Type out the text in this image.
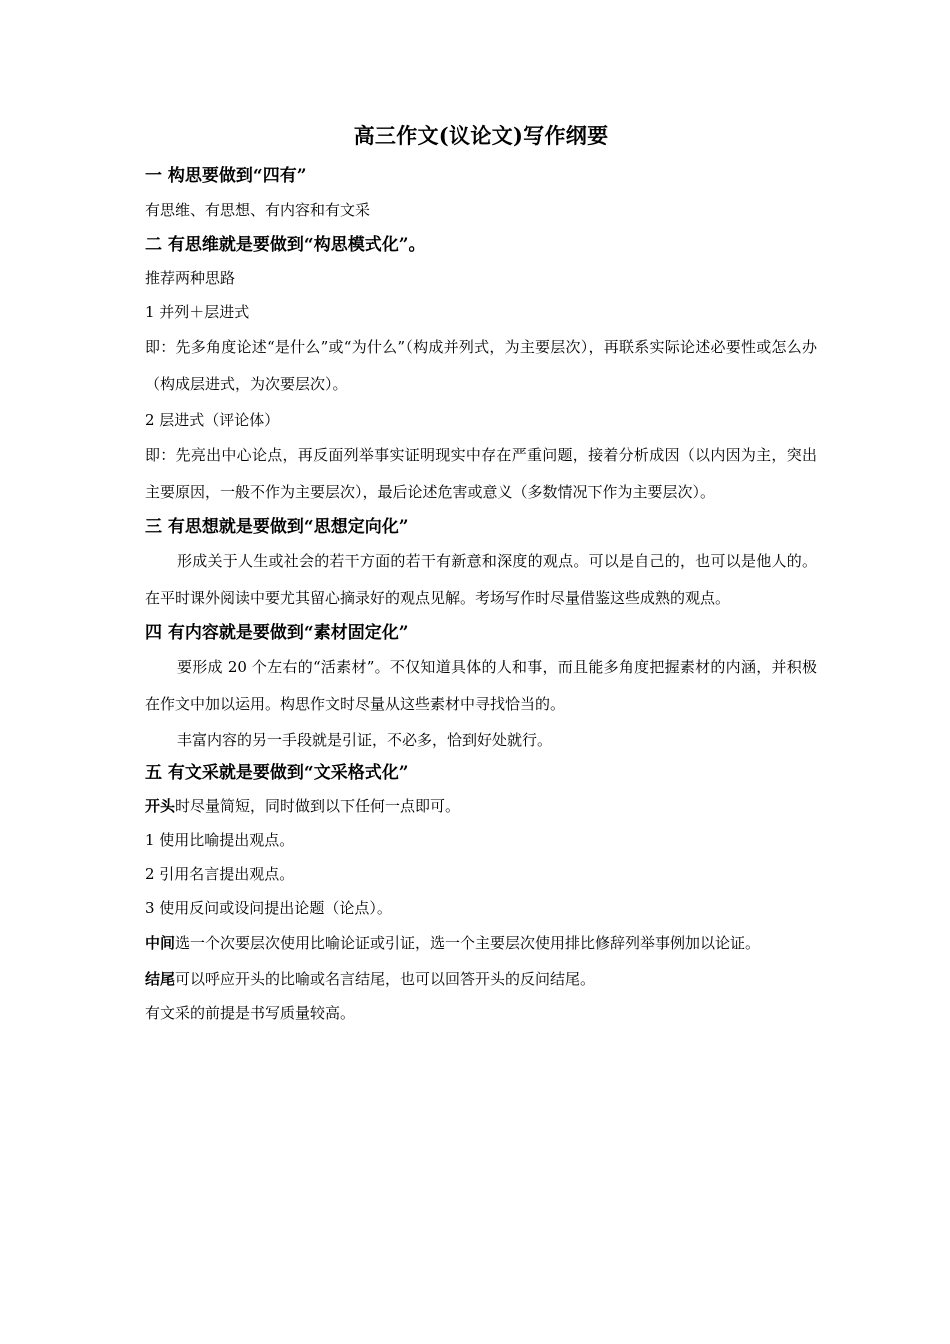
高三作文(议论文)写作纲要
一 构思要做到“四有”
有思维、有思想、有内容和有文采
二 有思维就是要做到“构思模式化”。
推荐两种思路
1 并列＋层进式
即：先多角度论述“是什么”或“为什么”（构成并列式，为主要层次），再联系实际论述必要性或怎么办（构成层进式，为次要层次）。
2 层进式（评论体）
即：先亮出中心论点，再反面列举事实证明现实中存在严重问题，接着分析成因（以内因为主，突出主要原因，一般不作为主要层次），最后论述危害或意义（多数情况下作为主要层次）。
三 有思想就是要做到“思想定向化”
形成关于人生或社会的若干方面的若干有新意和深度的观点。可以是自己的，也可以是他人的。在平时课外阅读中要尤其留心摘录好的观点见解。考场写作时尽量借鉴这些成熟的观点。
四 有内容就是要做到“素材固定化”
要形成 20 个左右的“活素材”。不仅知道具体的人和事，而且能多角度把握素材的内涵，并积极在作文中加以运用。构思作文时尽量从这些素材中寻找恰当的。
丰富内容的另一手段就是引证，不必多，恰到好处就行。
五 有文采就是要做到“文采格式化”
开头时尽量简短，同时做到以下任何一点即可。
1 使用比喻提出观点。
2 引用名言提出观点。
3 使用反问或设问提出论题（论点）。
中间选一个次要层次使用比喻论证或引证，选一个主要层次使用排比修辞列举事例加以论证。
结尾可以呼应开头的比喻或名言结尾，也可以回答开头的反问结尾。
有文采的前提是书写质量较高。
